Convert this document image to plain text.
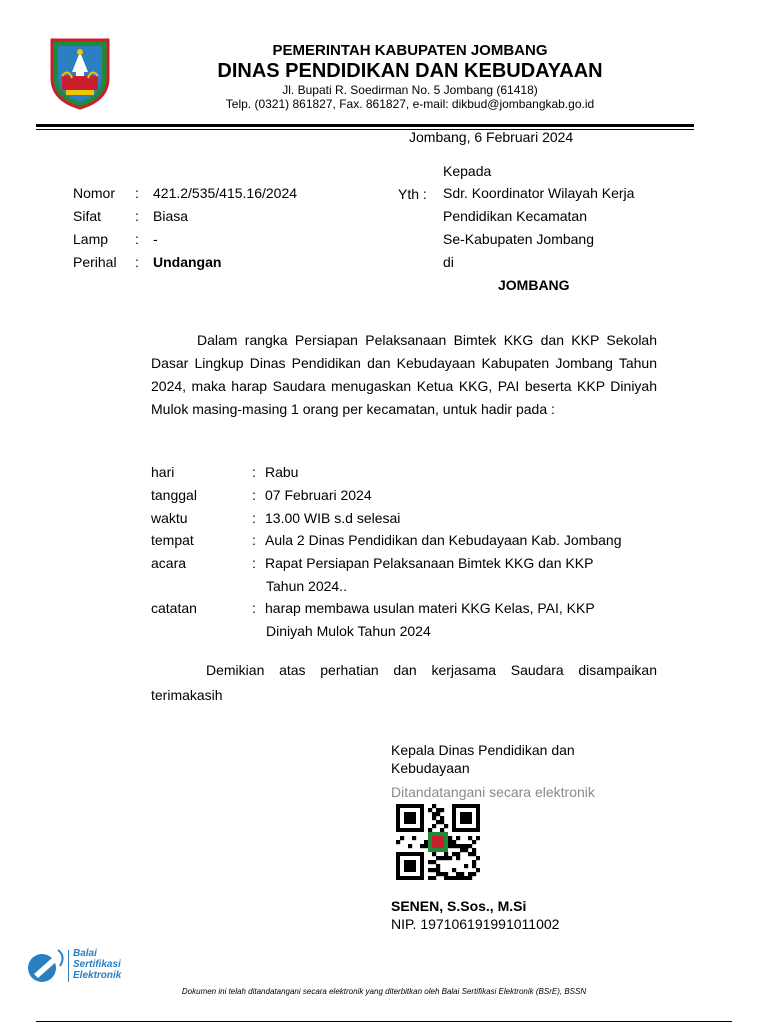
PEMERINTAH KABUPATEN JOMBANG
DINAS PENDIDIKAN DAN KEBUDAYAAN
Jl. Bupati R. Soedirman No. 5 Jombang (61418)
Telp. (0321) 861827, Fax. 861827, e-mail: dikbud@jombangkab.go.id
Jombang, 6 Februari 2024
Nomor : 421.2/535/415.16/2024
Sifat : Biasa
Lamp : -
Perihal : Undangan
Kepada
Yth : Sdr. Koordinator Wilayah Kerja
Pendidikan Kecamatan
Se-Kabupaten Jombang
di
JOMBANG
Dalam rangka Persiapan Pelaksanaan Bimtek KKG dan KKP Sekolah Dasar Lingkup Dinas Pendidikan dan Kebudayaan Kabupaten Jombang Tahun 2024, maka harap Saudara menugaskan Ketua KKG, PAI beserta KKP Diniyah Mulok masing-masing 1 orang per kecamatan, untuk hadir pada :
hari	: Rabu
tanggal	: 07 Februari 2024
waktu	: 13.00 WIB s.d selesai
tempat	: Aula 2 Dinas Pendidikan dan Kebudayaan Kab. Jombang
acara	: Rapat Persiapan Pelaksanaan Bimtek KKG dan KKP
Tahun 2024..
catatan	: harap membawa usulan materi KKG Kelas, PAI, KKP
Diniyah Mulok Tahun 2024
Demikian atas perhatian dan kerjasama Saudara disampaikan
terimakasih
Kepala Dinas Pendidikan dan
Kebudayaan
Ditandatangani secara elektronik
SENEN, S.Sos., M.Si
NIP. 197106191991011002
Balai
Sertifikasi
Elektronik
Dokumen ini telah ditandatangani secara elektronik yang diterbitkan oleh Balai Sertifikasi Elektronik (BSrE), BSSN
